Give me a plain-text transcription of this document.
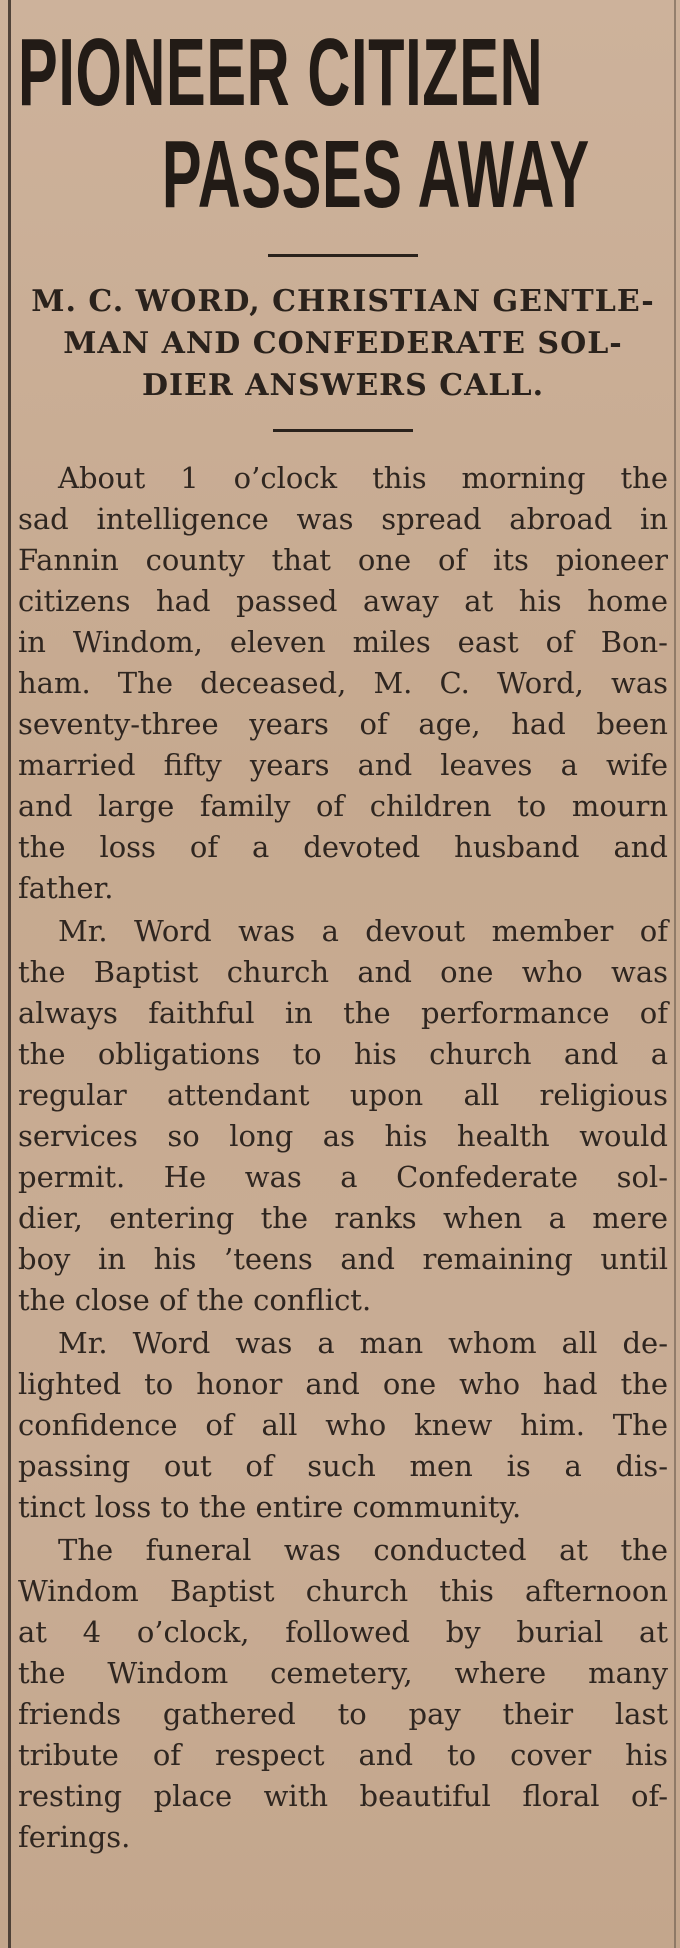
PIONEER CITIZEN
PASSES AWAY
M. C. WORD, CHRISTIAN GENTLE-
MAN AND CONFEDERATE SOL-
DIER ANSWERS CALL.

About 1 o’clock this morning the
sad intelligence was spread abroad in
Fannin county that one of its pioneer
citizens had passed away at his home
in Windom, eleven miles east of Bon-
ham. The deceased, M. C. Word, was
seventy-three years of age, had been
married fifty years and leaves a wife
and large family of children to mourn
the loss of a devoted husband and
father.

Mr. Word was a devout member of
the Baptist church and one who was
always faithful in the performance of
the obligations to his church and a
regular attendant upon all religious
services so long as his health would
permit. He was a Confederate sol-
dier, entering the ranks when a mere
boy in his ’teens and remaining until
the close of the conflict.

Mr. Word was a man whom all de-
lighted to honor and one who had the
confidence of all who knew him. The
passing out of such men is a dis-
tinct loss to the entire community.

The funeral was conducted at the
Windom Baptist church this afternoon
at 4 o’clock, followed by burial at
the Windom cemetery, where many
friends gathered to pay their last
tribute of respect and to cover his
resting place with beautiful floral of-
ferings.
